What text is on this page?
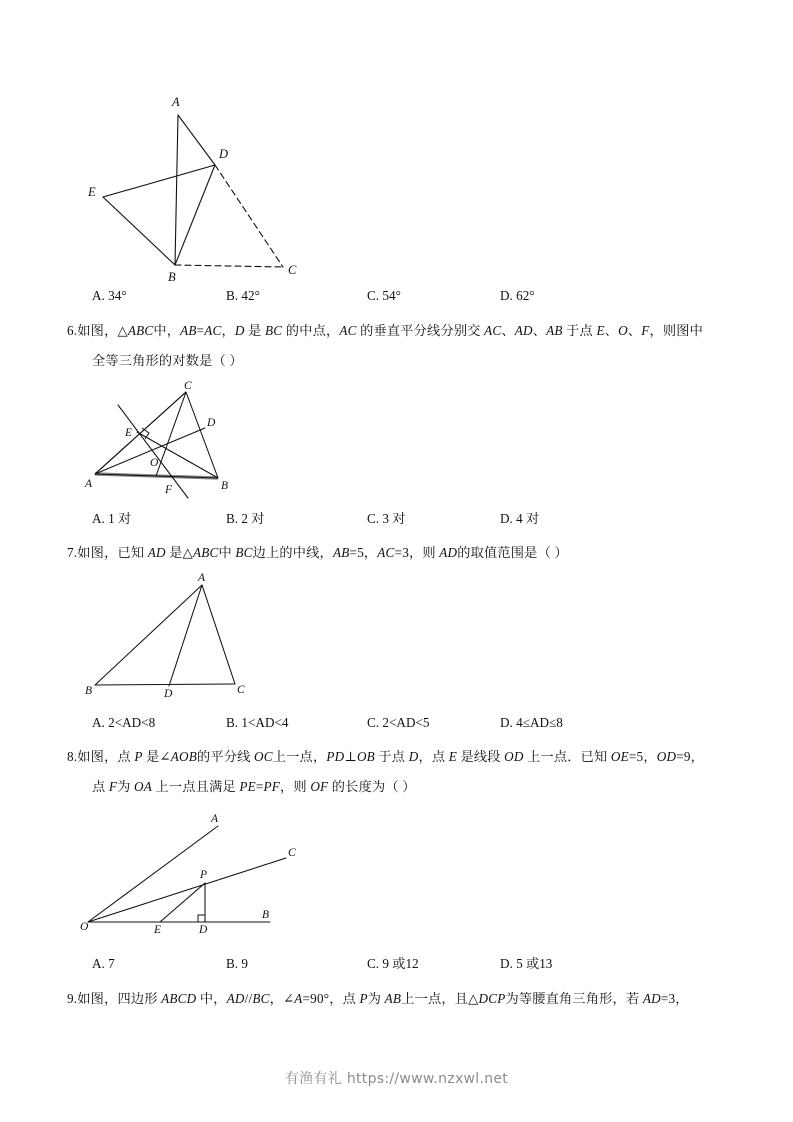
A
D
E
B	C
A. 34°	B. 42°	C. 54°	D. 62°
6.如图，△ABC中，AB=AC，D 是 BC 的中点，AC 的垂直平分线分别交 AC、AD、AB 于点 E、O、F，则图中
全等三角形的对数是（ ）
A	B
C
E
D
O
F
A. 1 对	B. 2 对	C. 3 对	D. 4 对
7.如图，已知 AD 是△ABC中 BC边上的中线，AB=5，AC=3，则 AD的取值范围是（ ）
A
B	D	C
A. 2<AD<8	B. 1<AD<4	C. 2<AD<5	D. 4≤AD≤8
8.如图，点 P 是∠AOB的平分线 OC上一点，PD⊥OB 于点 D，点 E 是线段 OD 上一点．已知 OE=5，OD=9，
点 F为 OA 上一点且满足 PE=PF，则 OF 的长度为（ ）
A
C
P
O	E	D
B
A. 7	B. 9	C. 9 或12	D. 5 或13
9.如图，四边形 ABCD 中，AD//BC，∠A=90°，点 P为 AB上一点，且△DCP为等腰直角三角形，若 AD=3，
有渔有礼 https://www.nzxwl.net
